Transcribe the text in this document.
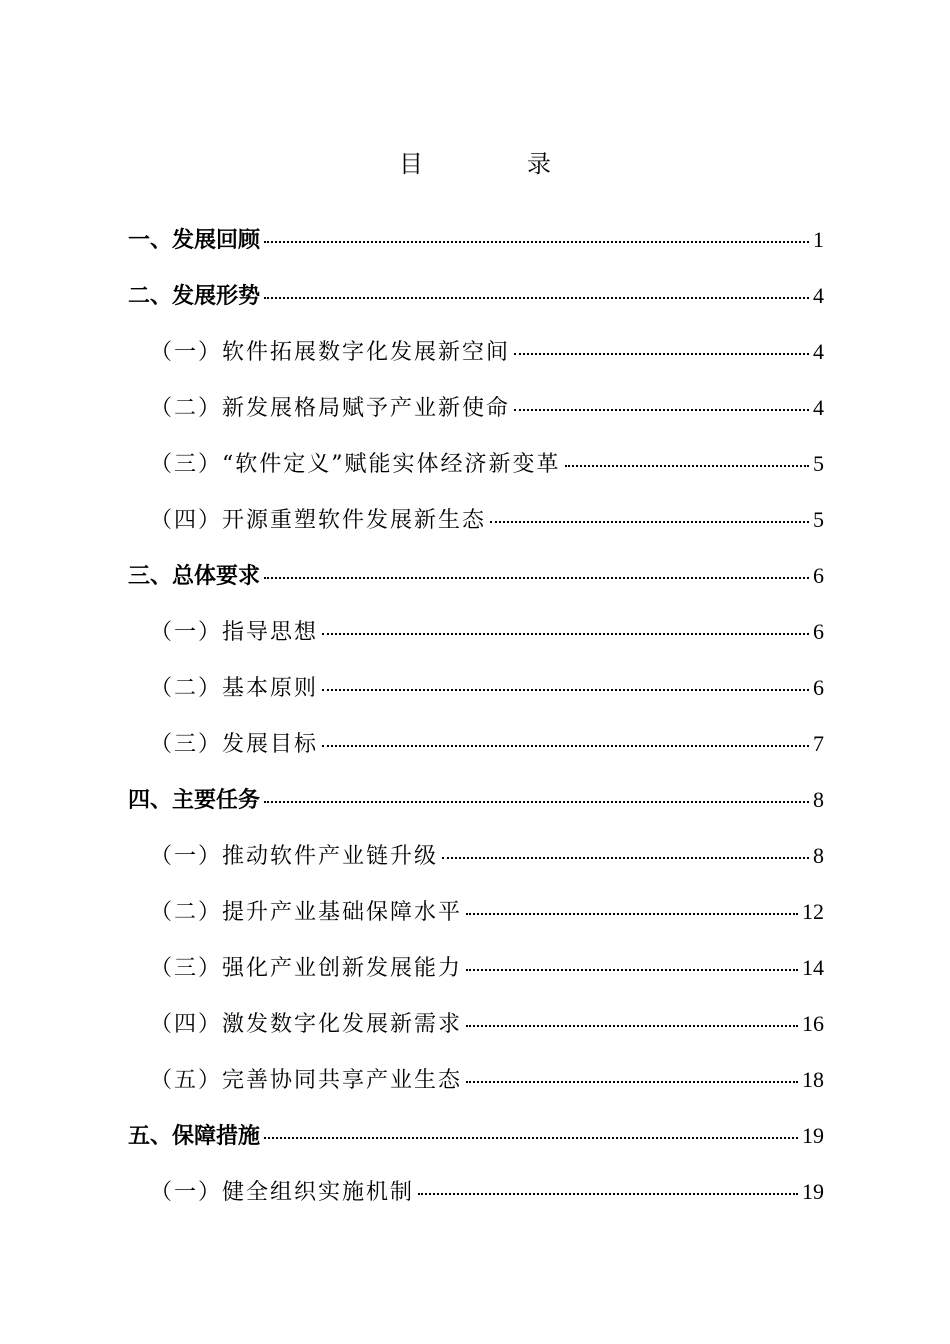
目　录
一、发展回顾	1
二、发展形势	4
（一）软件拓展数字化发展新空间	4
（二）新发展格局赋予产业新使命	4
（三）“软件定义”赋能实体经济新变革	5
（四）开源重塑软件发展新生态	5
三、总体要求	6
（一）指导思想	6
（二）基本原则	6
（三）发展目标	7
四、主要任务	8
（一）推动软件产业链升级	8
（二）提升产业基础保障水平	12
（三）强化产业创新发展能力	14
（四）激发数字化发展新需求	16
（五）完善协同共享产业生态	18
五、保障措施	19
（一）健全组织实施机制	19
